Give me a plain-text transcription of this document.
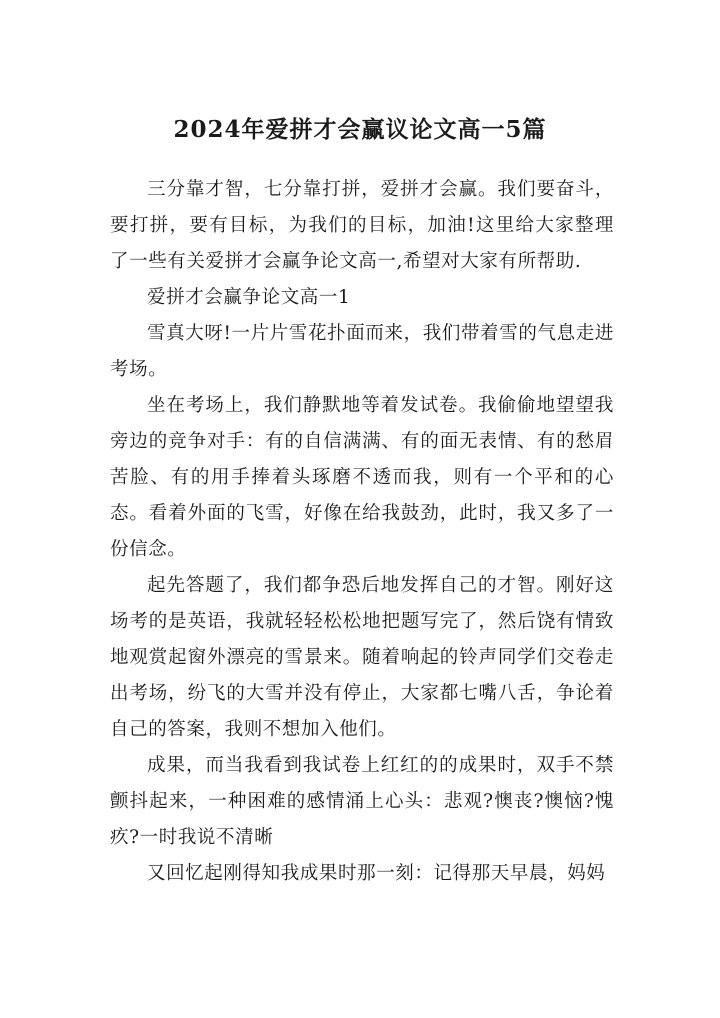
2024年爱拼才会赢议论文高一5篇

三分靠才智，七分靠打拼，爱拼才会赢。我们要奋斗，要打拼，要有目标，为我们的目标，加油!这里给大家整理了一些有关爱拼才会赢争论文高一,希望对大家有所帮助.

爱拼才会赢争论文高一1

雪真大呀!一片片雪花扑面而来，我们带着雪的气息走进考场。

坐在考场上，我们静默地等着发试卷。我偷偷地望望我旁边的竞争对手：有的自信满满、有的面无表情、有的愁眉苦脸、有的用手捧着头琢磨不透而我，则有一个平和的心态。看着外面的飞雪，好像在给我鼓劲，此时，我又多了一份信念。

起先答题了，我们都争恐后地发挥自己的才智。刚好这场考的是英语，我就轻轻松松地把题写完了，然后饶有情致地观赏起窗外漂亮的雪景来。随着响起的铃声同学们交卷走出考场，纷飞的大雪并没有停止，大家都七嘴八舌，争论着自己的答案，我则不想加入他们。

成果，而当我看到我试卷上红红的的成果时，双手不禁颤抖起来，一种困难的感情涌上心头：悲观?懊丧?懊恼?愧疚?一时我说不清晰

又回忆起刚得知我成果时那一刻：记得那天早晨，妈妈
